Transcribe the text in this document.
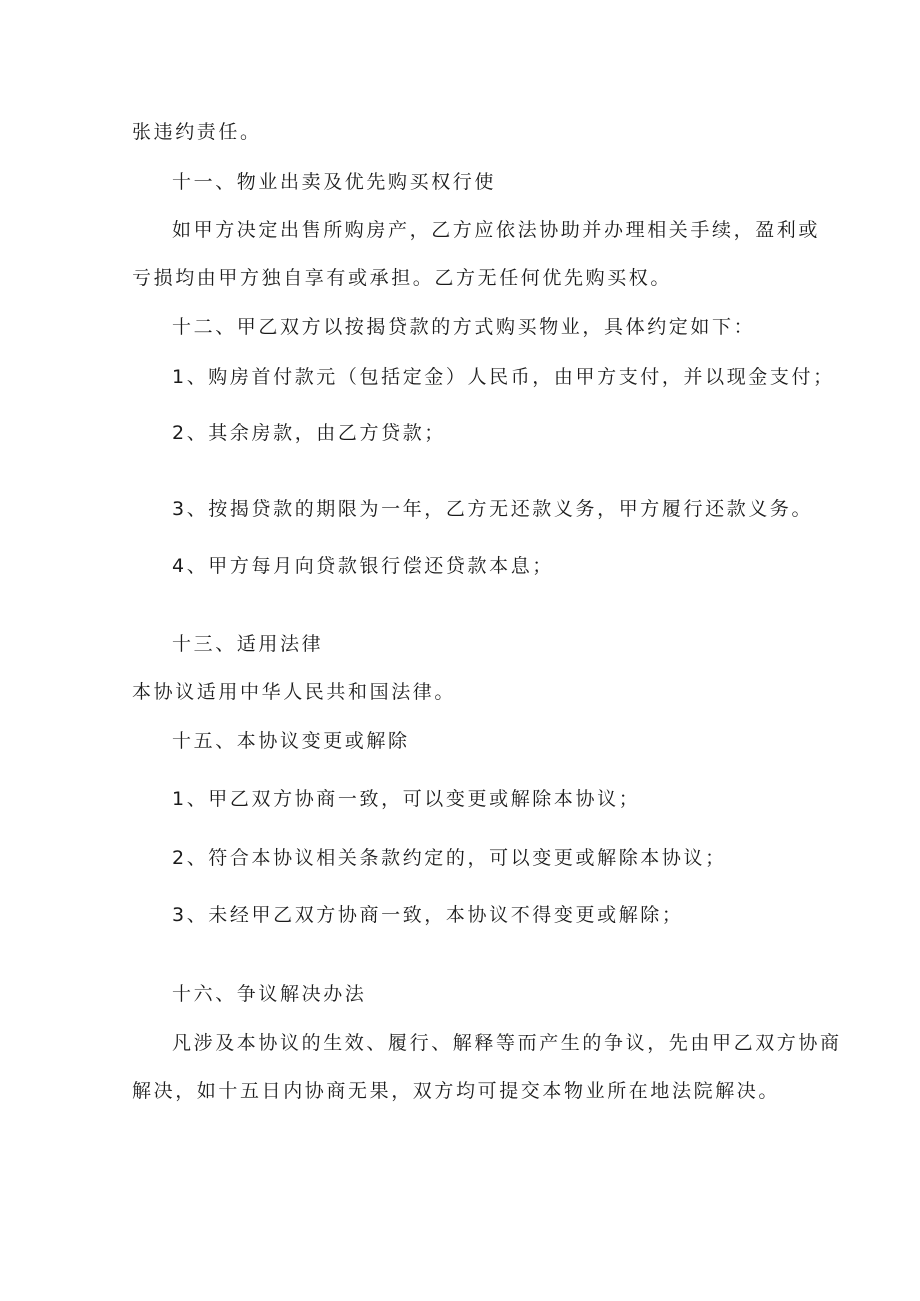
张违约责任。

十一、物业出卖及优先购买权行使

如甲方决定出售所购房产，乙方应依法协助并办理相关手续，盈利或

亏损均由甲方独自享有或承担。乙方无任何优先购买权。

十二、甲乙双方以按揭贷款的方式购买物业，具体约定如下：

1、购房首付款元（包括定金）人民币，由甲方支付，并以现金支付；

2、其余房款，由乙方贷款；

3、按揭贷款的期限为一年，乙方无还款义务，甲方履行还款义务。

4、甲方每月向贷款银行偿还贷款本息；

十三、适用法律

本协议适用中华人民共和国法律。

十五、本协议变更或解除

1、甲乙双方协商一致，可以变更或解除本协议；

2、符合本协议相关条款约定的，可以变更或解除本协议；

3、未经甲乙双方协商一致，本协议不得变更或解除；

十六、争议解决办法

凡涉及本协议的生效、履行、解释等而产生的争议，先由甲乙双方协商

解决，如十五日内协商无果，双方均可提交本物业所在地法院解决。
